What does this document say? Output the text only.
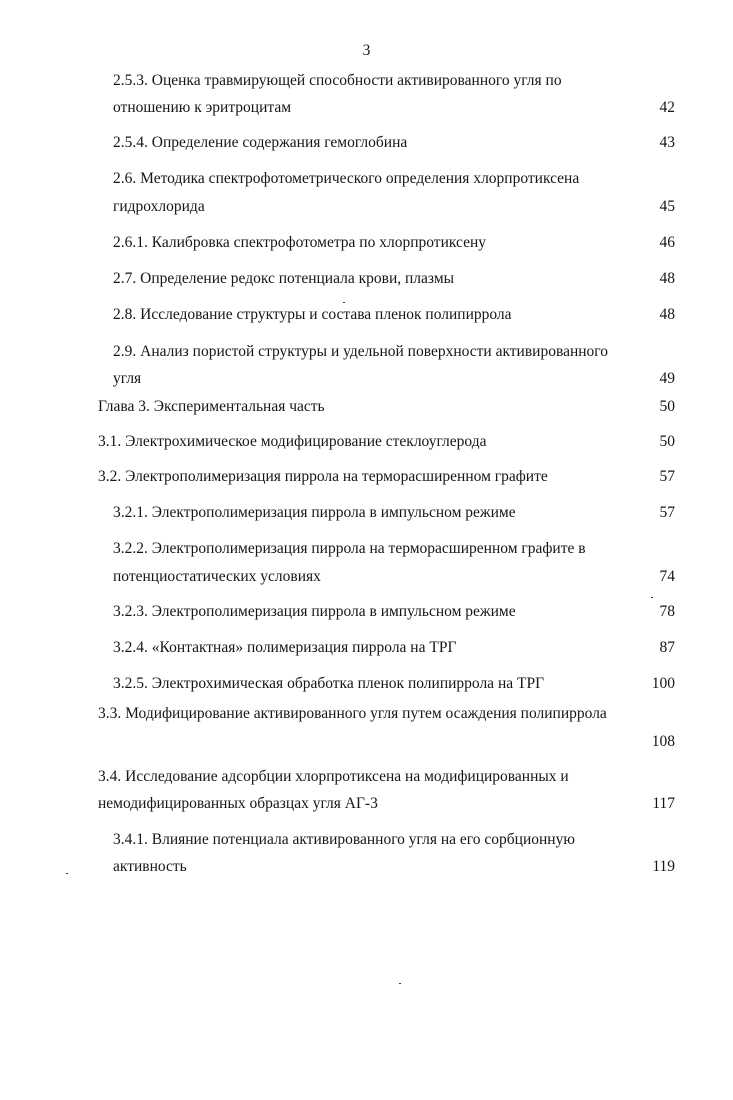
3
2.5.3. Оценка травмирующей способности активированного угля по
отношению к эритроцитам	42
2.5.4. Определение содержания гемоглобина	43
2.6. Методика спектрофотометрического определения хлорпротиксена
гидрохлорида	45
2.6.1. Калибровка спектрофотометра по хлорпротиксену	46
2.7. Определение редокс потенциала крови, плазмы	48
2.8. Исследование структуры и состава пленок полипиррола	48
2.9. Анализ пористой структуры и удельной поверхности активированного
угля	49
Глава 3. Экспериментальная часть	50
3.1. Электрохимическое модифицирование стеклоуглерода	50
3.2. Электрополимеризация пиррола на терморасширенном графите	57
3.2.1. Электрополимеризация пиррола в импульсном режиме	57
3.2.2. Электрополимеризация пиррола на терморасширенном графите в
потенциостатических условиях	74
3.2.3. Электрополимеризация пиррола в импульсном режиме	78
3.2.4. «Контактная» полимеризация пиррола на ТРГ	87
3.2.5. Электрохимическая обработка пленок полипиррола на ТРГ	100
3.3. Модифицирование активированного угля путем осаждения полипиррола
108
3.4. Исследование адсорбции хлорпротиксена на модифицированных и
немодифицированных образцах угля АГ-3	117
3.4.1. Влияние потенциала активированного угля на его сорбционную
активность	119
